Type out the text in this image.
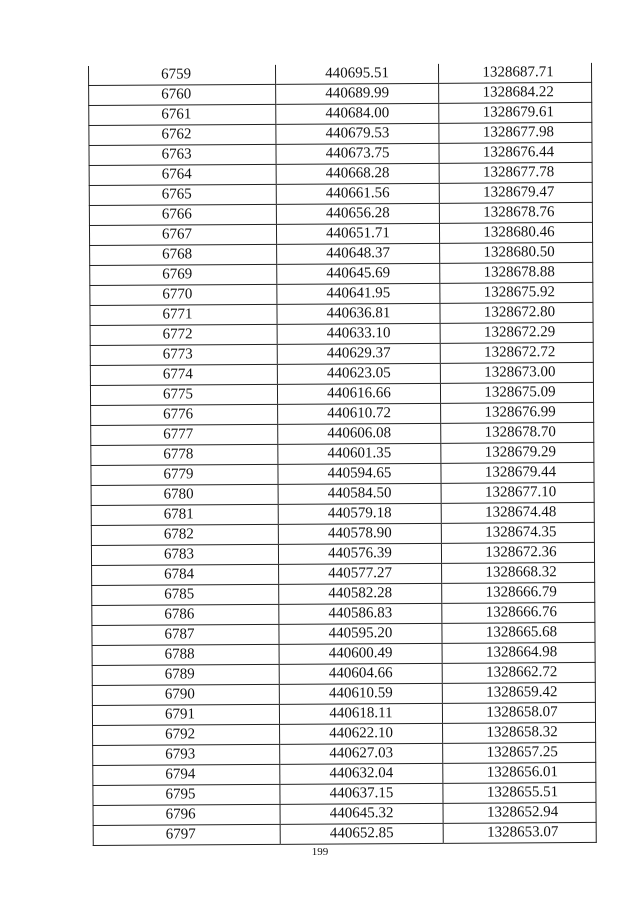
6759	440695.51	1328687.71
6760	440689.99	1328684.22
6761	440684.00	1328679.61
6762	440679.53	1328677.98
6763	440673.75	1328676.44
6764	440668.28	1328677.78
6765	440661.56	1328679.47
6766	440656.28	1328678.76
6767	440651.71	1328680.46
6768	440648.37	1328680.50
6769	440645.69	1328678.88
6770	440641.95	1328675.92
6771	440636.81	1328672.80
6772	440633.10	1328672.29
6773	440629.37	1328672.72
6774	440623.05	1328673.00
6775	440616.66	1328675.09
6776	440610.72	1328676.99
6777	440606.08	1328678.70
6778	440601.35	1328679.29
6779	440594.65	1328679.44
6780	440584.50	1328677.10
6781	440579.18	1328674.48
6782	440578.90	1328674.35
6783	440576.39	1328672.36
6784	440577.27	1328668.32
6785	440582.28	1328666.79
6786	440586.83	1328666.76
6787	440595.20	1328665.68
6788	440600.49	1328664.98
6789	440604.66	1328662.72
6790	440610.59	1328659.42
6791	440618.11	1328658.07
6792	440622.10	1328658.32
6793	440627.03	1328657.25
6794	440632.04	1328656.01
6795	440637.15	1328655.51
6796	440645.32	1328652.94
6797	440652.85	1328653.07
199
